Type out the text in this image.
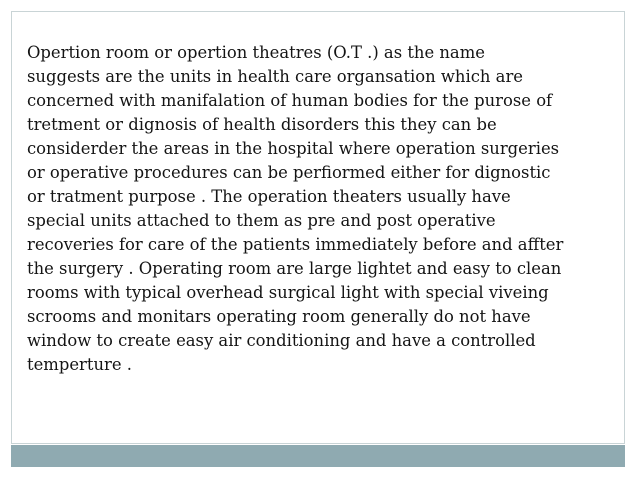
Opertion room or opertion theatres (O.T .) as the name
suggests are the units in health care organsation which are
concerned with manifalation of human bodies for the purose of
tretment or dignosis of health disorders this they can be
considerder the areas in the hospital where operation surgeries
or operative procedures can be perfiormed either for dignostic
or tratment purpose . The operation theaters usually have
special units attached to them as pre and post operative
recoveries for care of the patients immediately before and affter
the surgery . Operating room are large lightet and easy to clean
rooms with typical overhead surgical light with special viveing
scrooms and monitars operating room generally do not have
window to create easy air conditioning and have a controlled
temperture .
